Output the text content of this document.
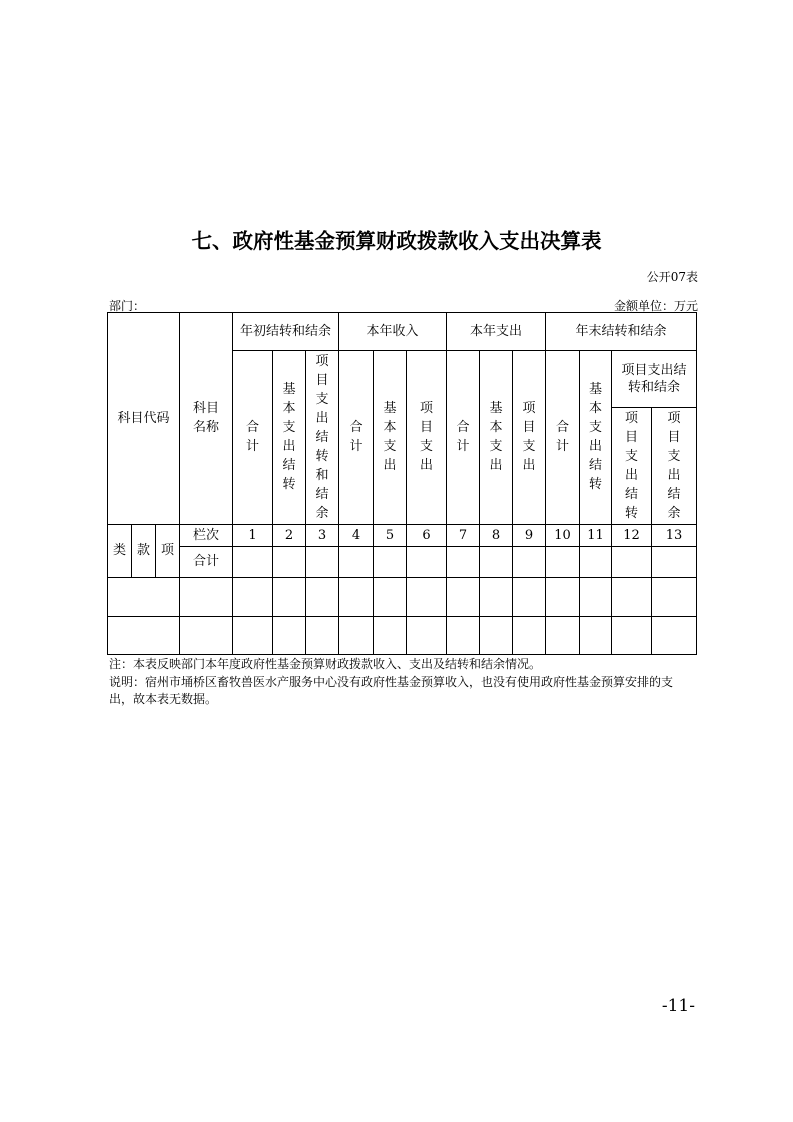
七、政府性基金预算财政拨款收入支出决算表
公开07表
部门：	金额单位：万元
科目代码			科目名称	年初结转和结余			本年收入			本年支出			年末结转和结余			
				合计	基本支出结转	项目支出结转和结余	合计	基本支出	项目支出	合计	基本支出	项目支出	合计	基本支出结转	项目支出结转和结余	
															项目支出结转	项目支出结余
类	款	项	栏次	1	2	3	4	5	6	7	8	9	10	11	12	13
			合计													

注：本表反映部门本年度政府性基金预算财政拨款收入、支出及结转和结余情况。
说明：宿州市埇桥区畜牧兽医水产服务中心没有政府性基金预算收入，也没有使用政府性基金预算安排的支出，故本表无数据。
-11-
